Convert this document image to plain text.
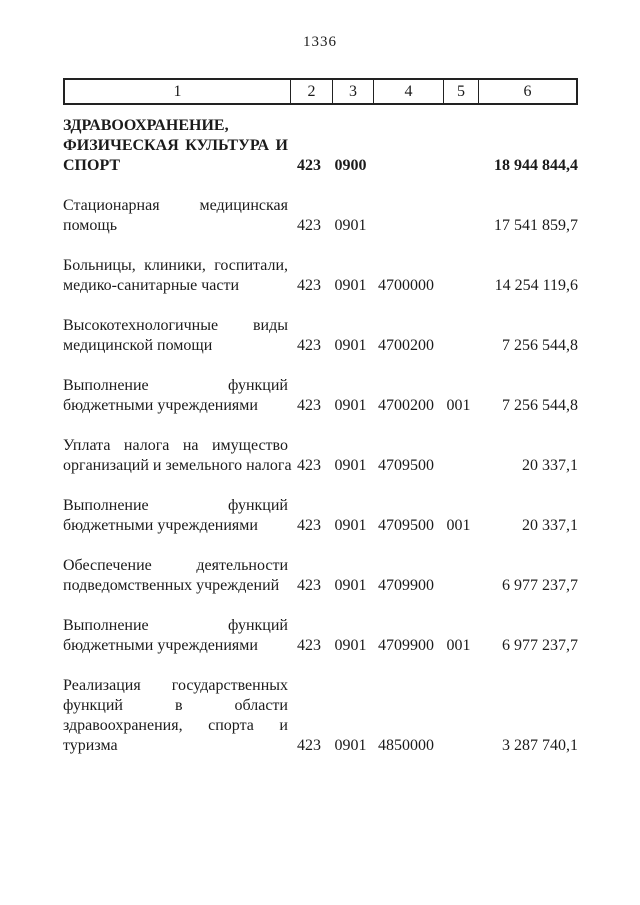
1336
1	2	3	4	5	6
ЗДРАВООХРАНЕНИЕ,
ФИЗИЧЕСКАЯ КУЛЬТУРА И
СПОРТ	423 0900	18 944 844,4
Стационарная медицинская
помощь	423 0901	17 541 859,7
Больницы, клиники, госпитали,
медико-санитарные части	423 0901 4700000	14 254 119,6
Высокотехнологичные виды
медицинской помощи	423 0901 4700200	7 256 544,8
Выполнение	функций
бюджетными учреждениями	423 0901 4700200 001	7 256 544,8
Уплата налога на имущество
организаций и земельного налога 423 0901 4709500	20 337,1
Выполнение	функций
бюджетными учреждениями	423 0901 4709500 001	20 337,1
Обеспечение	деятельности
подведомственных учреждений	423 0901 4709900	6 977 237,7
Выполнение	функций
бюджетными учреждениями	423 0901 4709900 001	6 977 237,7
Реализация государственных
функций	в	области
здравоохранения, спорта и
туризма	423 0901 4850000	3 287 740,1
